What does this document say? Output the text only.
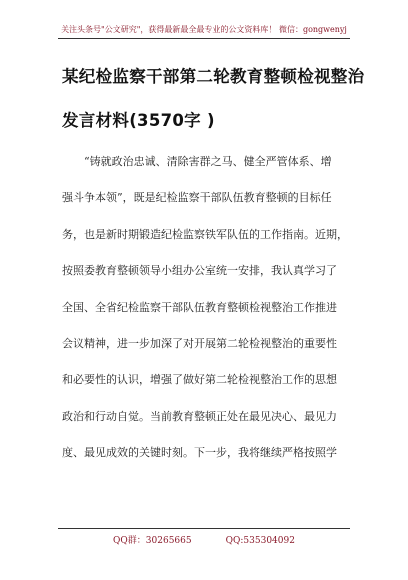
关注头条号"公文研究"，获得最新最全最专业的公文资料库！ 微信：gongwenyj
某纪检监察干部第二轮教育整顿检视整治
发言材料(3570字 )
　　“铸就政治忠诚、清除害群之马、健全严管体系、增
强斗争本领”，既是纪检监察干部队伍教育整顿的目标任
务，也是新时期锻造纪检监察铁军队伍的工作指南。近期，
按照委教育整顿领导小组办公室统一安排，我认真学习了
全国、全省纪检监察干部队伍教育整顿检视整治工作推进
会议精神，进一步加深了对开展第二轮检视整治的重要性
和必要性的认识，增强了做好第二轮检视整治工作的思想
政治和行动自觉。当前教育整顿正处在最见决心、最见力
度、最见成效的关键时刻。下一步，我将继续严格按照学
QQ群：30265665	QQ:535304092
